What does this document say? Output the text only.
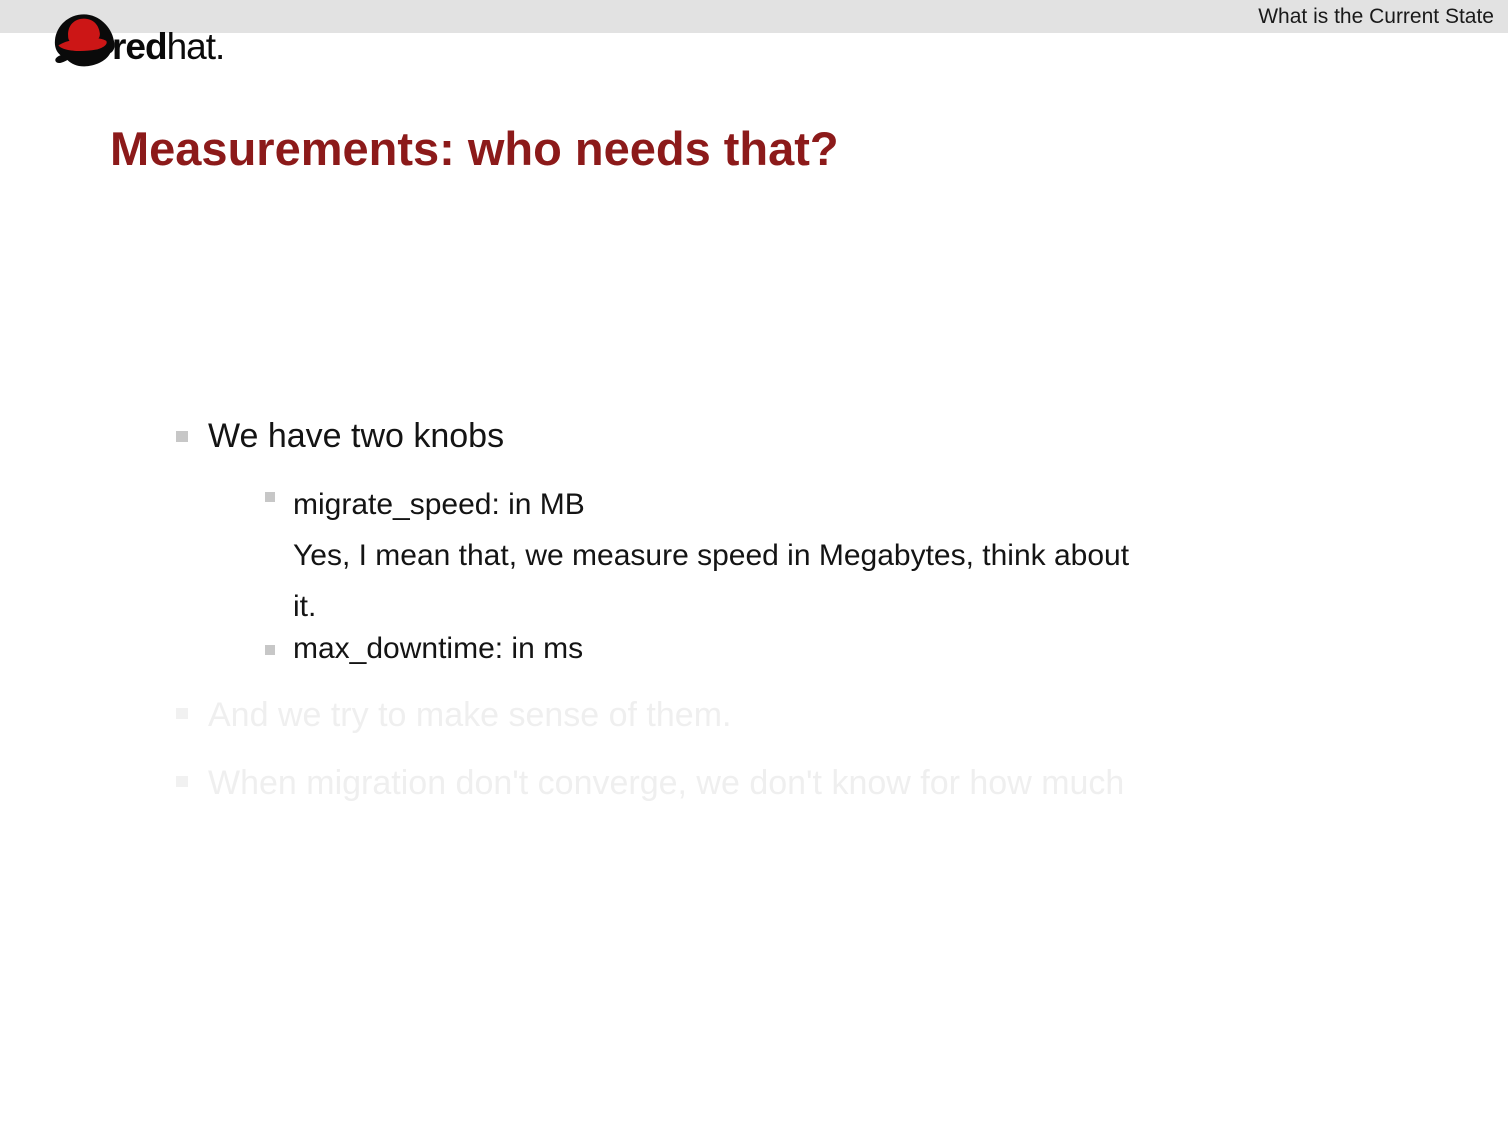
What is the Current State
redhat.
Measurements: who needs that?
We have two knobs
migrate_speed: in MB
Yes, I mean that, we measure speed in Megabytes, think about
it.
max_downtime: in ms
And we try to make sense of them.
When migration don't converge, we don't know for how much
